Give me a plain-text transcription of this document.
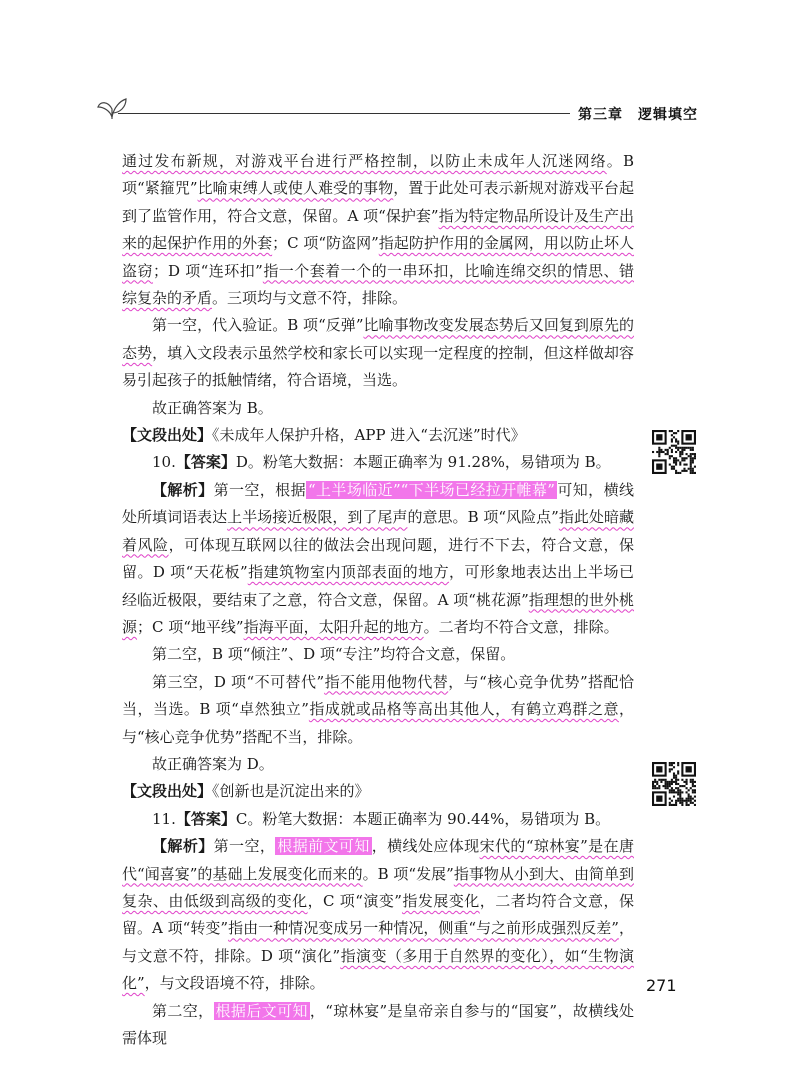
第三章　逻辑填空

通过发布新规，对游戏平台进行严格控制，以防止未成年人沉迷网络。B 项“紧箍咒”比喻束缚人或使人难受的事物，置于此处可表示新规对游戏平台起到了监管作用，符合文意，保留。A 项“保护套”指为特定物品所设计及生产出来的起保护作用的外套；C 项“防盗网”指起防护作用的金属网，用以防止坏人盗窃；D 项“连环扣”指一个套着一个的一串环扣，比喻连绵交织的情思、错综复杂的矛盾。三项均与文意不符，排除。

第一空，代入验证。B 项“反弹”比喻事物改变发展态势后又回复到原先的态势，填入文段表示虽然学校和家长可以实现一定程度的控制，但这样做却容易引起孩子的抵触情绪，符合语境，当选。

故正确答案为 B。

【文段出处】《未成年人保护升格，APP 进入“去沉迷”时代》

10.【答案】D。粉笔大数据：本题正确率为 91.28%，易错项为 B。

【解析】第一空，根据 “上半场临近”“下半场已经拉开帷幕” 可知，横线处所填词语表达上半场接近极限，到了尾声的意思。B 项“风险点”指此处暗藏着风险，可体现互联网以往的做法会出现问题，进行不下去，符合文意，保留。D 项“天花板”指建筑物室内顶部表面的地方，可形象地表达出上半场已经临近极限，要结束了之意，符合文意，保留。A 项“桃花源”指理想的世外桃源；C 项“地平线”指海平面，太阳升起的地方。二者均不符合文意，排除。

第二空，B 项“倾注”、D 项“专注”均符合文意，保留。

第三空，D 项“不可替代”指不能用他物代替，与“核心竞争优势”搭配恰当，当选。B 项“卓然独立”指成就或品格等高出其他人，有鹤立鸡群之意，与“核心竞争优势”搭配不当，排除。

故正确答案为 D。

【文段出处】《创新也是沉淀出来的》

11.【答案】C。粉笔大数据：本题正确率为 90.44%，易错项为 B。

【解析】第一空， 根据前文可知 ，横线处应体现宋代的“琼林宴”是在唐代“闻喜宴”的基础上发展变化而来的。B 项“发展”指事物从小到大、由简单到复杂、由低级到高级的变化，C 项“演变”指发展变化，二者均符合文意，保留。A 项“转变”指由一种情况变成另一种情况，侧重“与之前形成强烈反差”，与文意不符，排除。D 项“演化”指演变（多用于自然界的变化），如“生物演化”，与文段语境不符，排除。

第二空， 根据后文可知 ，“琼林宴”是皇帝亲自参与的“国宴”，故横线处需体现

271
